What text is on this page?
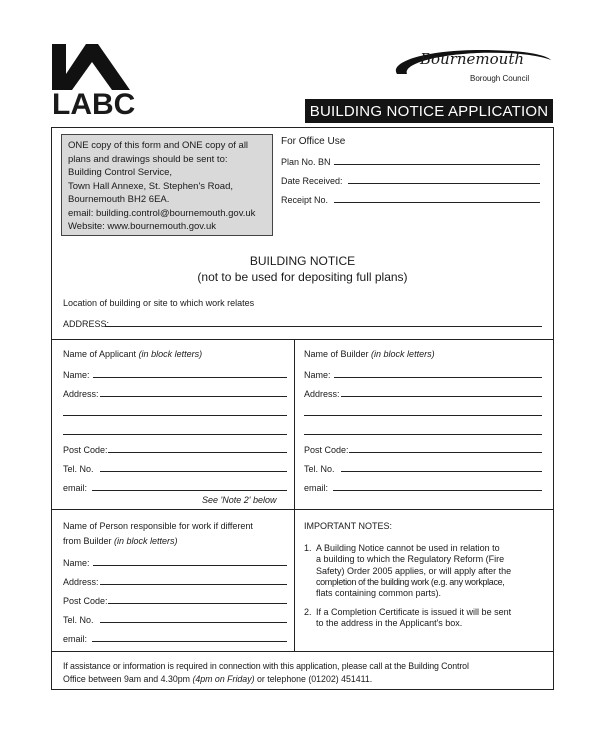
LABC
Bournemouth
Borough Council
BUILDING NOTICE APPLICATION
ONE copy of this form and ONE copy of all
plans and drawings should be sent to:
Building Control Service,
Town Hall Annexe, St. Stephen's Road,
Bournemouth BH2 6EA.
email: building.control@bournemouth.gov.uk
Website: www.bournemouth.gov.uk
For Office Use
Plan No. BN
Date Received:
Receipt No.
BUILDING NOTICE
(not to be used for depositing full plans)
Location of building or site to which work relates
ADDRESS:
Name of Applicant (in block letters)
Name:
Address:
Post Code:
Tel. No.
email:
See 'Note 2' below
Name of Builder (in block letters)
Name:
Address:
Post Code:
Tel. No.
email:
Name of Person responsible for work if different
from Builder (in block letters)
Name:
Address:
Post Code:
Tel. No.
email:
IMPORTANT NOTES:
1. A Building Notice cannot be used in relation to
a building to which the Regulatory Reform (Fire
Safety) Order 2005 applies, or will apply after the
completion of the building work (e.g. any workplace,
flats containing common parts).
2. If a Completion Certificate is issued it will be sent
to the address in the Applicant's box.
If assistance or information is required in connection with this application, please call at the Building Control
Office between 9am and 4.30pm (4pm on Friday) or telephone (01202) 451411.
